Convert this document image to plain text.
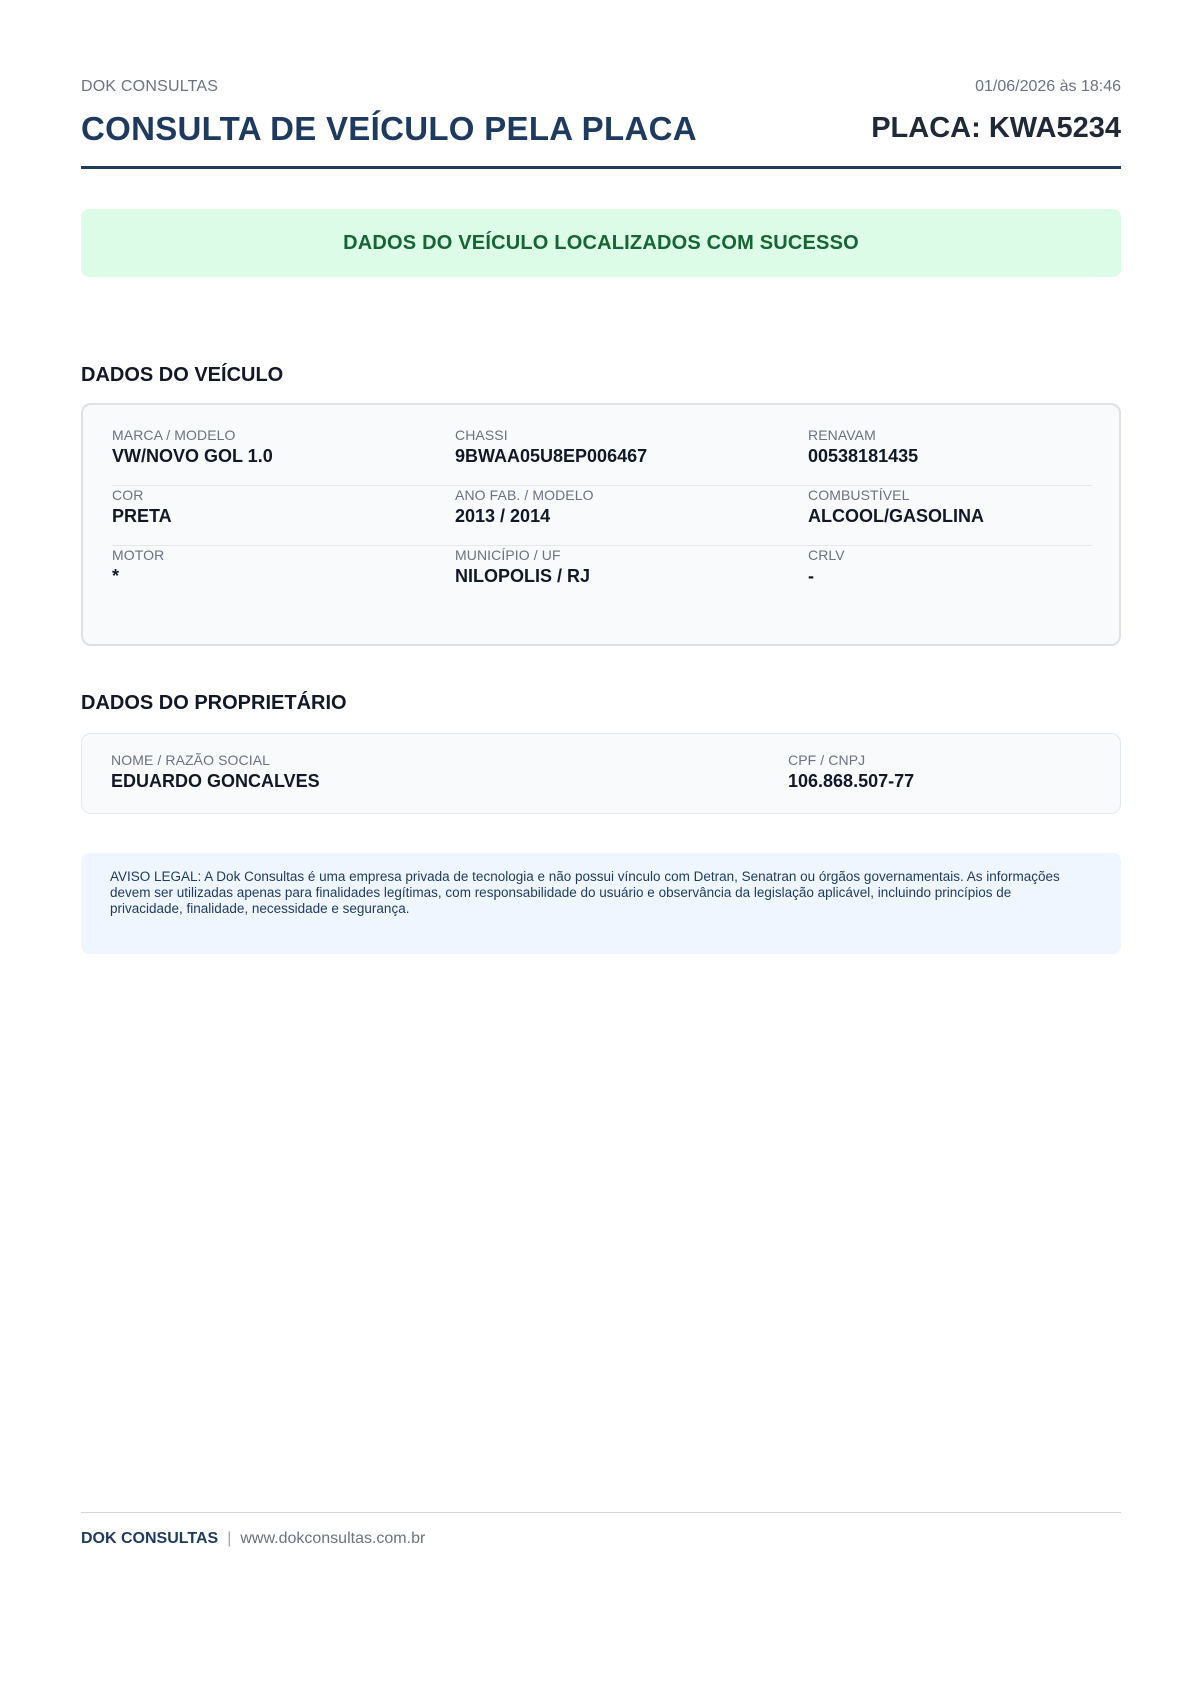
DOK CONSULTAS	01/06/2026 às 18:46
CONSULTA DE VEÍCULO PELA PLACA	PLACA: KWA5234
DADOS DO VEÍCULO LOCALIZADOS COM SUCESSO
DADOS DO VEÍCULO
MARCA / MODELO
VW/NOVO GOL 1.0
CHASSI
9BWAA05U8EP006467
RENAVAM
00538181435
COR
PRETA
ANO FAB. / MODELO
2013 / 2014
COMBUSTÍVEL
ALCOOL/GASOLINA
MOTOR
*
MUNICÍPIO / UF
NILOPOLIS / RJ
CRLV
-
DADOS DO PROPRIETÁRIO
NOME / RAZÃO SOCIAL
EDUARDO GONCALVES
CPF / CNPJ
106.868.507-77
AVISO LEGAL: A Dok Consultas é uma empresa privada de tecnologia e não possui vínculo com Detran, Senatran ou órgãos governamentais. As informações devem ser utilizadas apenas para finalidades legítimas, com responsabilidade do usuário e observância da legislação aplicável, incluindo princípios de privacidade, finalidade, necessidade e segurança.
DOK CONSULTAS | www.dokconsultas.com.br
